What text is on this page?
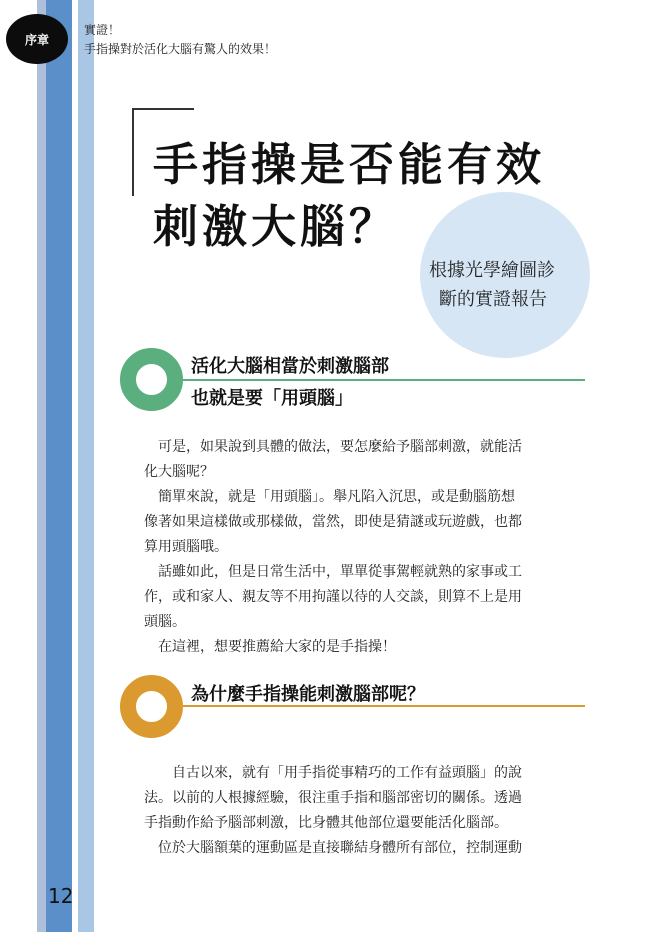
序章
實證！
手指操對於活化大腦有驚人的效果！
手指操是否能有效
刺激大腦？
根據光學繪圖診
斷的實證報告
活化大腦相當於刺激腦部
也就是要「用頭腦」
　可是，如果說到具體的做法，要怎麼給予腦部刺激，就能活
化大腦呢？
　簡單來說，就是「用頭腦」。舉凡陷入沉思，或是動腦筋想
像著如果這樣做或那樣做，當然，即使是猜謎或玩遊戲，也都
算用頭腦哦。
　話雖如此，但是日常生活中，單單從事駕輕就熟的家事或工
作，或和家人、親友等不用拘謹以待的人交談，則算不上是用
頭腦。
　在這裡，想要推薦給大家的是手指操！
為什麼手指操能刺激腦部呢？
　　自古以來，就有「用手指從事精巧的工作有益頭腦」的說
法。以前的人根據經驗，很注重手指和腦部密切的關係。透過
手指動作給予腦部刺激，比身體其他部位還要能活化腦部。
　位於大腦額葉的運動區是直接聯結身體所有部位，控制運動
12
